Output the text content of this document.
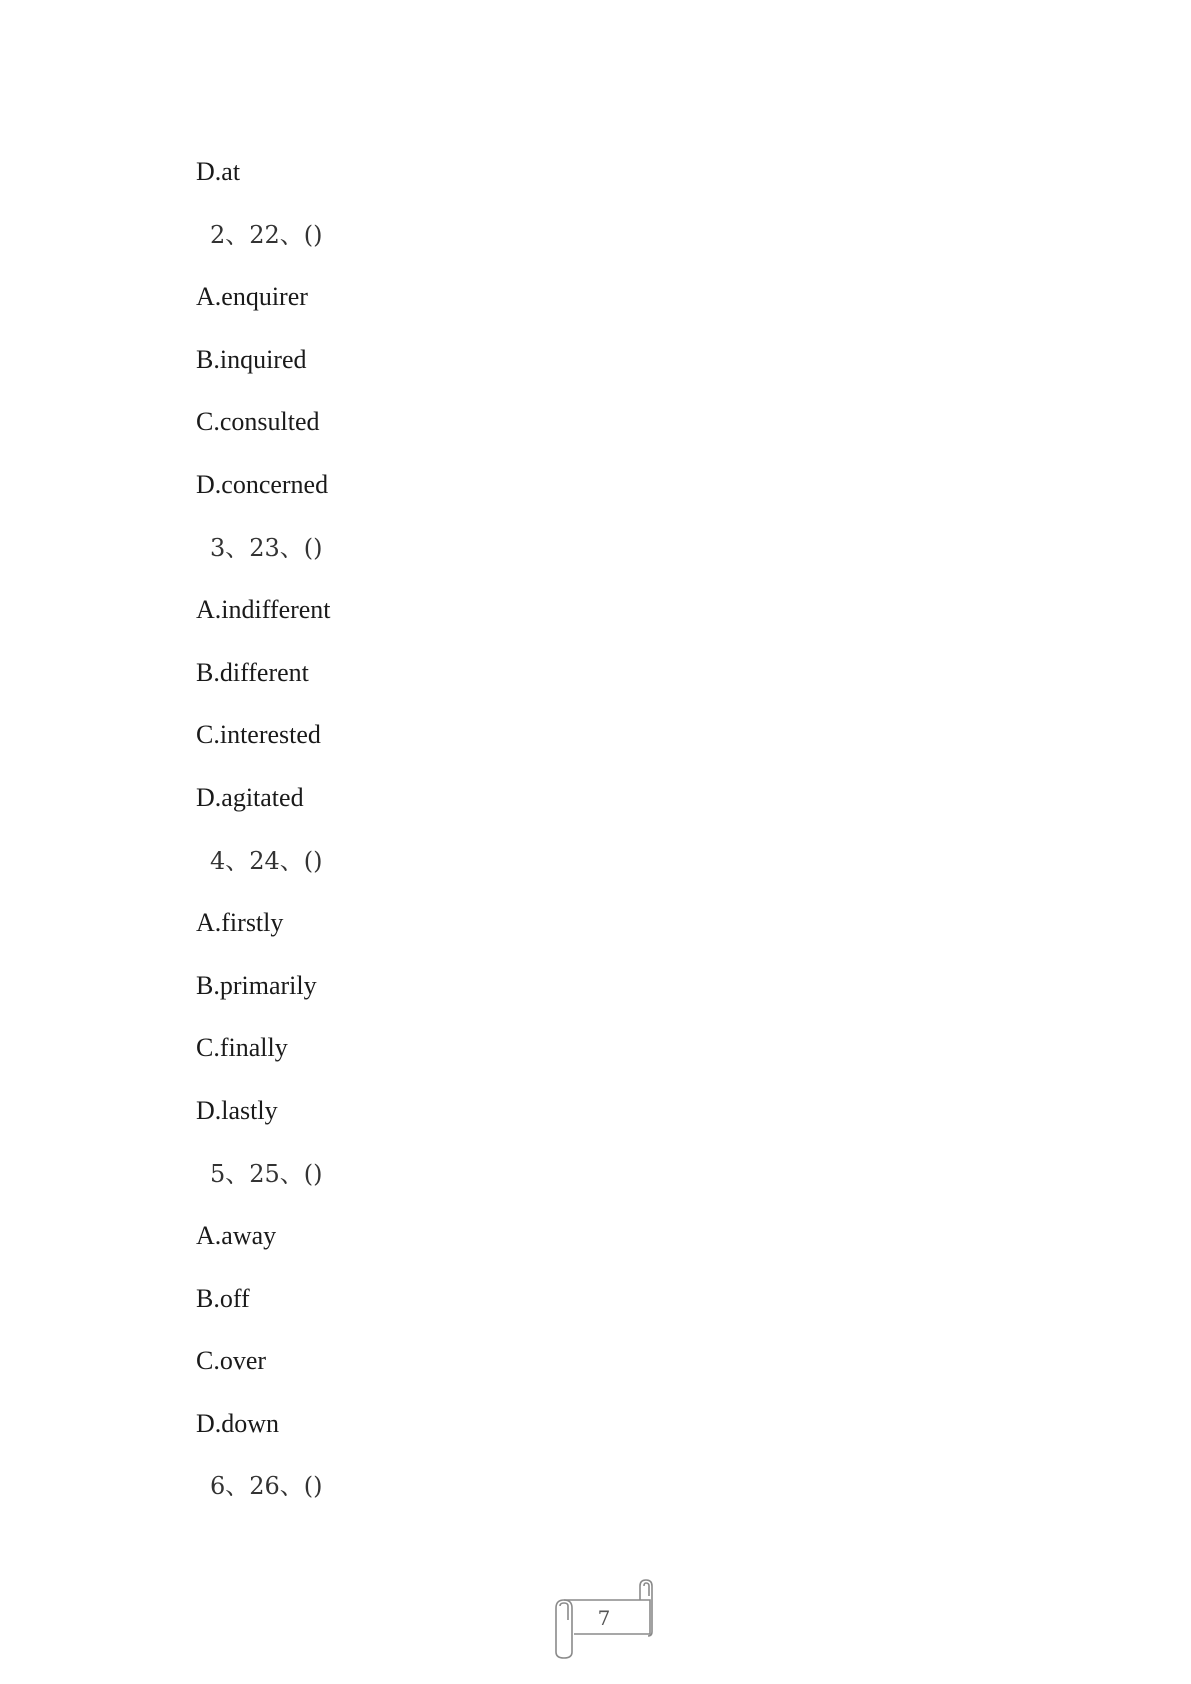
D.at
2、22、()
A.enquirer
B.inquired
C.consulted
D.concerned
3、23、()
A.indifferent
B.different
C.interested
D.agitated
4、24、()
A.firstly
B.primarily
C.finally
D.lastly
5、25、()
A.away
B.off
C.over
D.down
6、26、()
7
